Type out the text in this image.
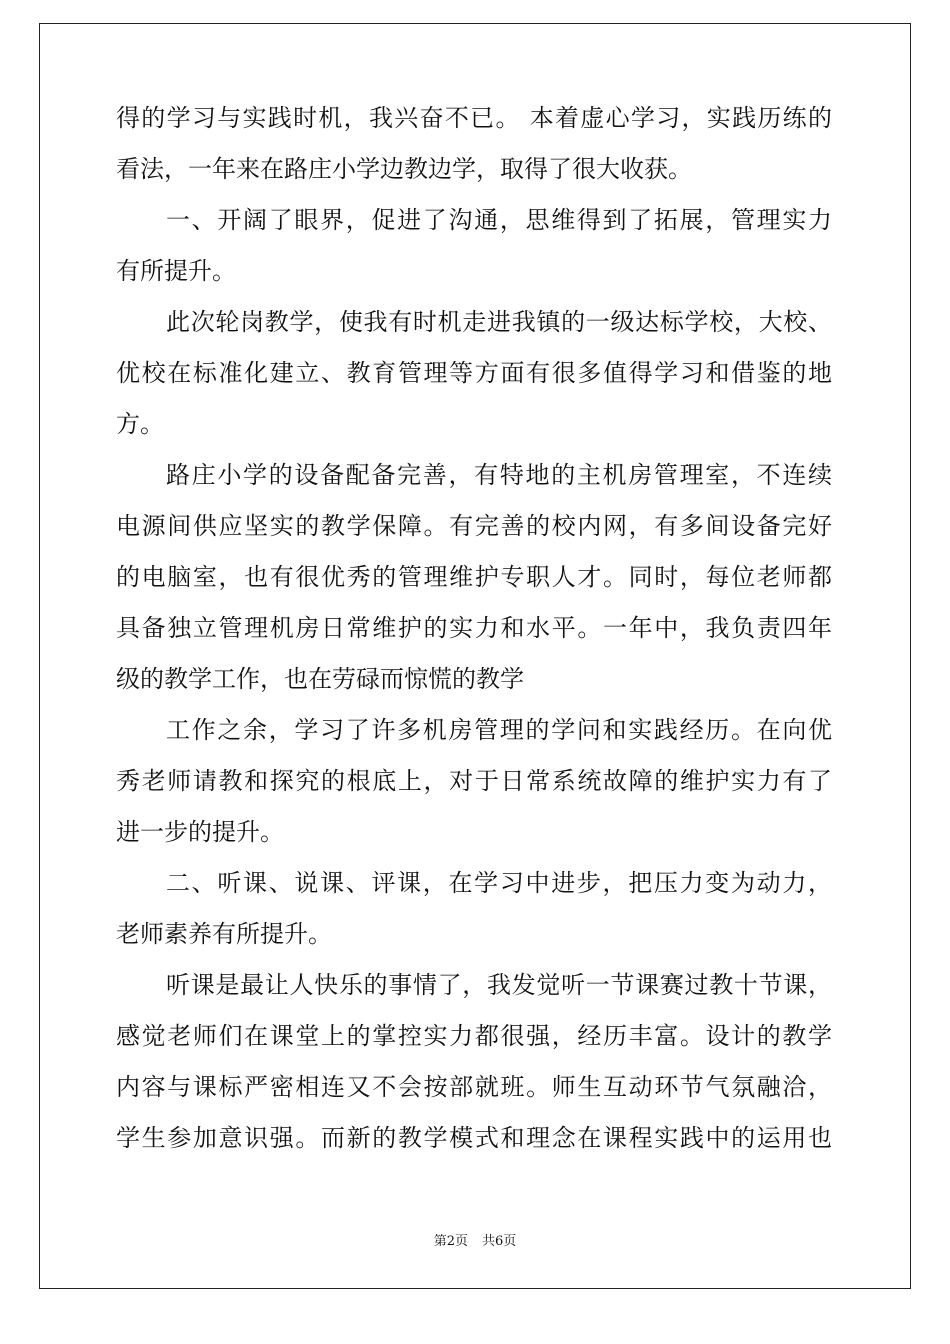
得的学习与实践时机，我兴奋不已。 本着虚心学习，实践历练的
看法，一年来在路庄小学边教边学，取得了很大收获。
一、开阔了眼界，促进了沟通，思维得到了拓展，管理实力
有所提升。
此次轮岗教学，使我有时机走进我镇的一级达标学校，大校、
优校在标准化建立、教育管理等方面有很多值得学习和借鉴的地
方。
路庄小学的设备配备完善，有特地的主机房管理室，不连续
电源间供应坚实的教学保障。有完善的校内网，有多间设备完好
的电脑室，也有很优秀的管理维护专职人才。同时，每位老师都
具备独立管理机房日常维护的实力和水平。一年中，我负责四年
级的教学工作，也在劳碌而惊慌的教学
工作之余，学习了许多机房管理的学问和实践经历。在向优
秀老师请教和探究的根底上，对于日常系统故障的维护实力有了
进一步的提升。
二、听课、说课、评课，在学习中进步，把压力变为动力，
老师素养有所提升。
听课是最让人快乐的事情了，我发觉听一节课赛过教十节课，
感觉老师们在课堂上的掌控实力都很强，经历丰富。设计的教学
内容与课标严密相连又不会按部就班。师生互动环节气氛融洽，
学生参加意识强。而新的教学模式和理念在课程实践中的运用也
第2页 共6页
